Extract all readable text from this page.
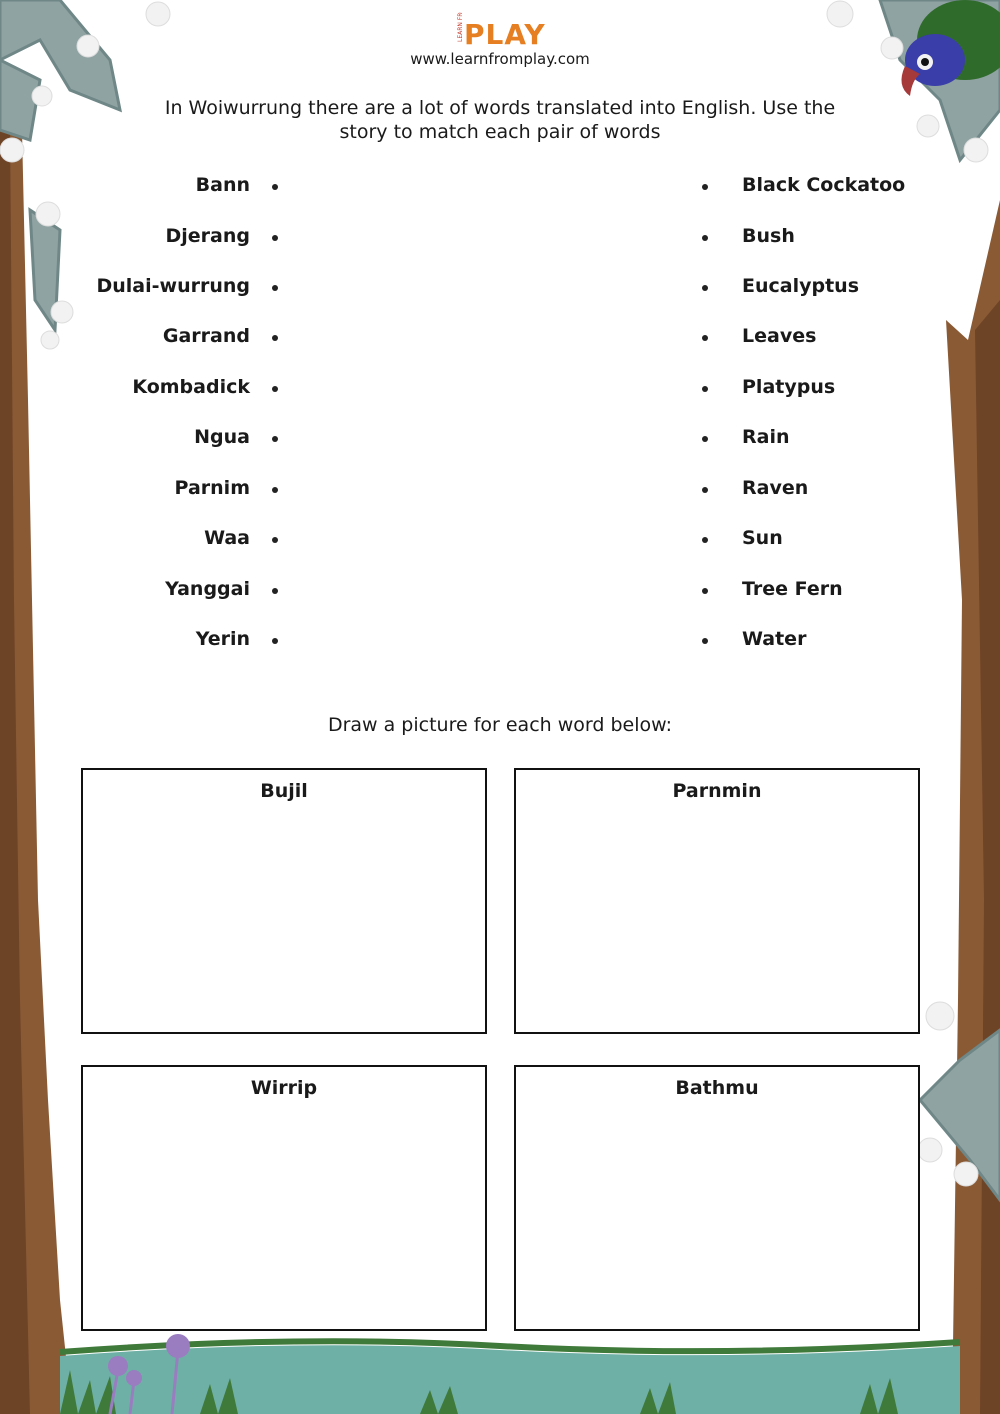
LEARN FROM PLAY
www.learnfromplay.com
In Woiwurrung there are a lot of words translated into English. Use the
story to match each pair of words
Bann
Djerang
Dulai-wurrung
Garrand
Kombadick
Ngua
Parnim
Waa
Yanggai
Yerin
Black Cockatoo
Bush
Eucalyptus
Leaves
Platypus
Rain
Raven
Sun
Tree Fern
Water
Draw a picture for each word below:
Bujil	Parnmin
Wirrip	Bathmu
